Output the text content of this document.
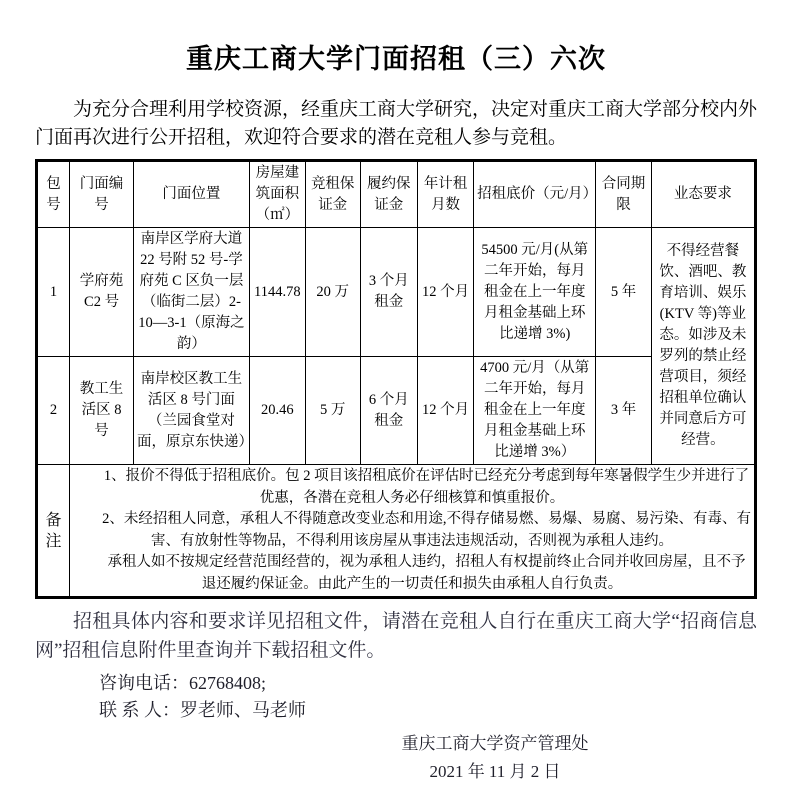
重庆工商大学门面招租（三）六次

为充分合理利用学校资源，经重庆工商大学研究，决定对重庆工商大学部分校内外门面再次进行公开招租，欢迎符合要求的潜在竞租人参与竞租。

包号	门面编号	门面位置	房屋建筑面积（㎡）	竞租保证金	履约保证金	年计租月数	招租底价（元/月）	合同期限	业态要求
1	学府苑 C2 号	南岸区学府大道 22 号附 52 号-学府苑 C 区负一层（临街二层）2-10—3-1（原海之韵）	1144.78	20 万	3 个月 租金	12 个月	54500 元/月(从第二年开始，每月租金在上一年度月租金基础上环比递增 3%)	5 年	不得经营餐饮、酒吧、教育培训、娱乐(KTV 等)等业态。如涉及未罗列的禁止经营项目，须经招租单位确认并同意后方可经营。
2	教工生活区 8 号	南岸校区教工生活区 8 号门面（兰园食堂对面，原京东快递）	20.46	5 万	6 个月 租金	12 个月	4700 元/月（从第二年开始，每月租金在上一年度月租金基础上环比递增 3%）	3 年	
备注	1、报价不得低于招租底价。包 2 项目该招租底价在评估时已经充分考虑到每年寒暑假学生少并进行了优惠，各潜在竞租人务必仔细核算和慎重报价。

2、未经招租人同意，承租人不得随意改变业态和用途,不得存储易燃、易爆、易腐、易污染、有毒、有害、有放射性等物品，不得利用该房屋从事违法违规活动，否则视为承租人违约。

承租人如不按规定经营范围经营的，视为承租人违约，招租人有权提前终止合同并收回房屋，且不予退还履约保证金。由此产生的一切责任和损失由承租人自行负责。								

招租具体内容和要求详见招租文件，请潜在竞租人自行在重庆工商大学“招商信息网”招租信息附件里查询并下载招租文件。

咨询电话：62768408;
联 系 人：罗老师、马老师
重庆工商大学资产管理处
2021 年 11 月 2 日
